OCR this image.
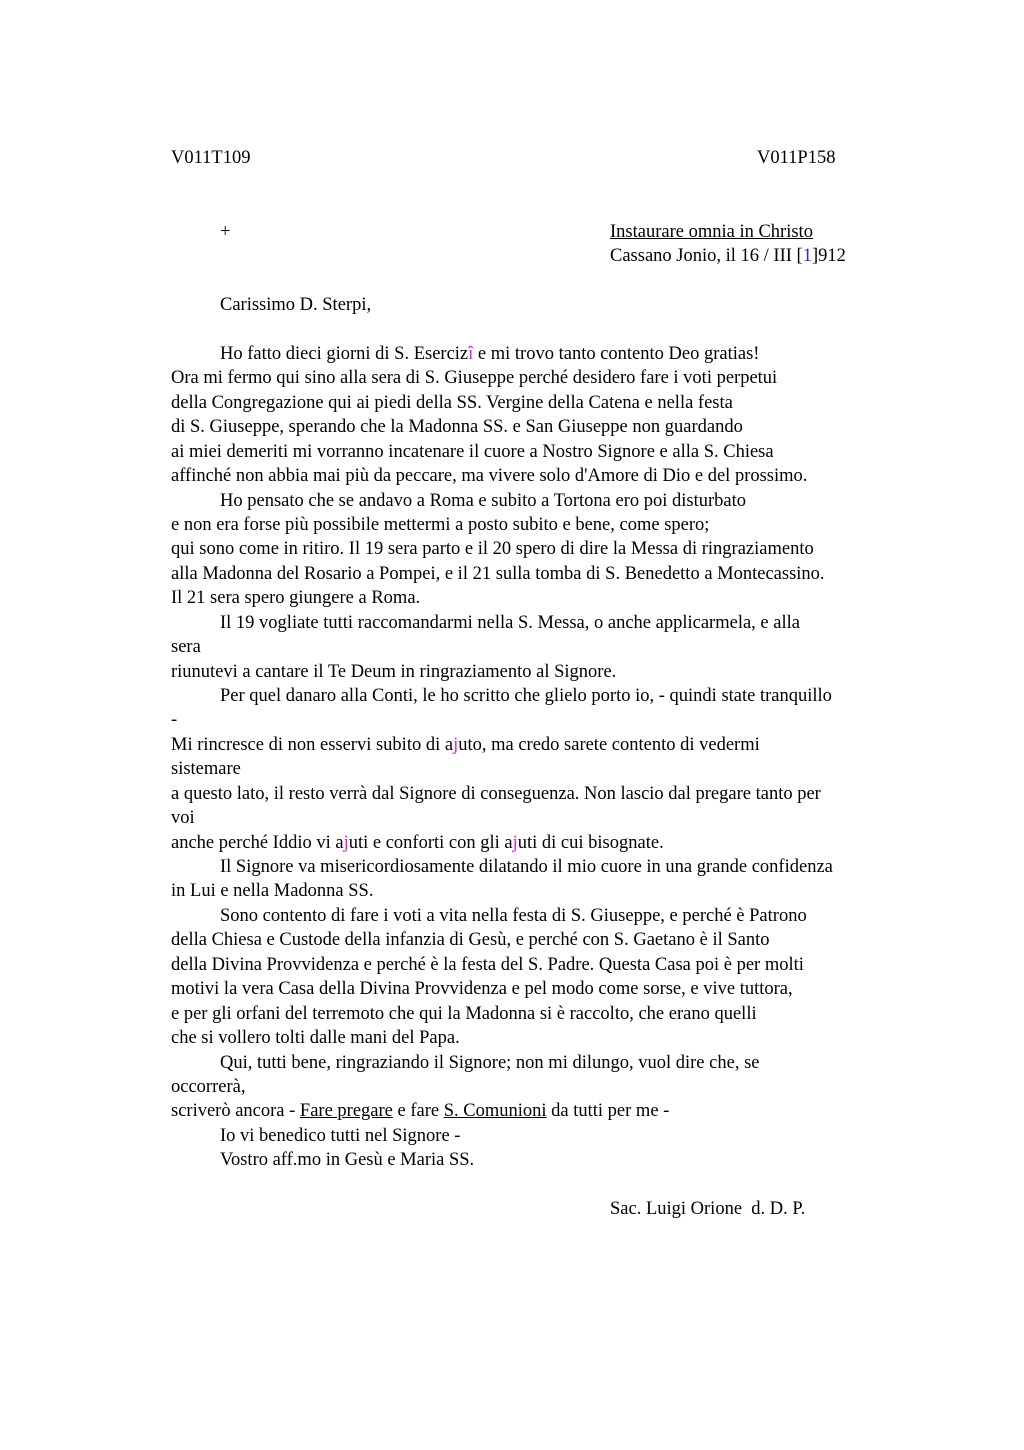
V011T109	V011P158
+	Instaurare omnia in Christo
Cassano Jonio, il 16 / III [1]912
Carissimo D. Sterpi,
Ho fatto dieci giorni di S. Esercizî e mi trovo tanto contento Deo gratias!
Ora mi fermo qui sino alla sera di S. Giuseppe perché desidero fare i voti perpetui
della Congregazione qui ai piedi della SS. Vergine della Catena e nella festa
di S. Giuseppe, sperando che la Madonna SS. e San Giuseppe non guardando
ai miei demeriti mi vorranno incatenare il cuore a Nostro Signore e alla S. Chiesa
affinché non abbia mai più da peccare, ma vivere solo d'Amore di Dio e del prossimo.
Ho pensato che se andavo a Roma e subito a Tortona ero poi disturbato
e non era forse più possibile mettermi a posto subito e bene, come spero;
qui sono come in ritiro. Il 19 sera parto e il 20 spero di dire la Messa di ringraziamento
alla Madonna del Rosario a Pompei, e il 21 sulla tomba di S. Benedetto a Montecassino.
Il 21 sera spero giungere a Roma.
Il 19 vogliate tutti raccomandarmi nella S. Messa, o anche applicarmela, e alla
sera
riunutevi a cantare il Te Deum in ringraziamento al Signore.
Per quel danaro alla Conti, le ho scritto che glielo porto io, - quindi state tranquillo
-
Mi rincresce di non esservi subito di ajuto, ma credo sarete contento di vedermi
sistemare
a questo lato, il resto verrà dal Signore di conseguenza. Non lascio dal pregare tanto per
voi
anche perché Iddio vi ajuti e conforti con gli ajuti di cui bisognate.
Il Signore va misericordiosamente dilatando il mio cuore in una grande confidenza
in Lui e nella Madonna SS.
Sono contento di fare i voti a vita nella festa di S. Giuseppe, e perché è Patrono
della Chiesa e Custode della infanzia di Gesù, e perché con S. Gaetano è il Santo
della Divina Provvidenza e perché è la festa del S. Padre. Questa Casa poi è per molti
motivi la vera Casa della Divina Provvidenza e pel modo come sorse, e vive tuttora,
e per gli orfani del terremoto che qui la Madonna si è raccolto, che erano quelli
che si vollero tolti dalle mani del Papa.
Qui, tutti bene, ringraziando il Signore; non mi dilungo, vuol dire che, se
occorrerà,
scriverò ancora - Fare pregare e fare S. Comunioni da tutti per me -
Io vi benedico tutti nel Signore -
Vostro aff.mo in Gesù e Maria SS.
Sac. Luigi Orione  d. D. P.
